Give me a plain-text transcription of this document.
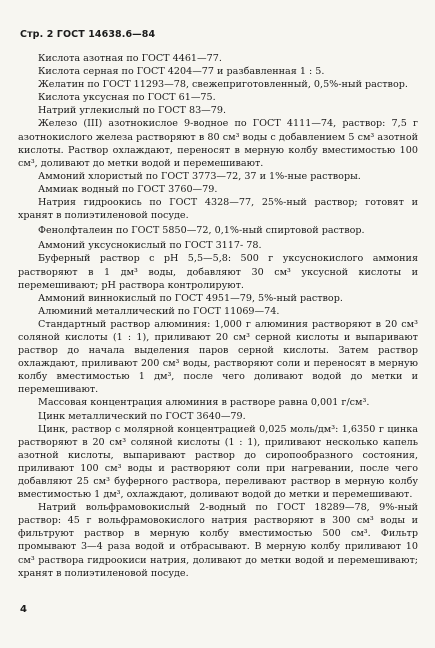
Стр. 2 ГОСТ 14638.6—84

Кислота азотная по ГОСТ 4461—77.

Кислота серная по ГОСТ 4204—77 и разбавленная 1 : 5.

Желатин по ГОСТ 11293—78, свежеприготовленный, 0,5%-ный раствор.

Кислота уксусная по ГОСТ 61—75.

Натрий углекислый по ГОСТ 83—79.

Железо (III) азотнокислое 9-водное по ГОСТ 4111—74, раствор: 7,5 г азотнокислого железа растворяют в 80 см³ воды с добавлением 5 см³ азотной кислоты. Раствор охлаждают, переносят в мерную колбу вместимостью 100 см³, доливают до метки водой и перемешивают.

Аммоний хлористый по ГОСТ 3773—72, 37 и 1%-ные растворы.

Аммиак водный по ГОСТ 3760—79.

Натрия гидроокись по ГОСТ 4328—77, 25%-ный раствор; готовят и хранят в полиэтиленовой посуде.

Фенолфталеин по ГОСТ 5850—72, 0,1%-ный спиртовой раствор.

Аммоний уксуснокислый по ГОСТ 3117- 78.

Буферный раствор с рН 5,5—5,8: 500 г уксуснокислого аммония растворяют в 1 дм³ воды, добавляют 30 см³ уксусной кислоты и перемешивают; рН раствора контролируют.

Аммоний виннокислый по ГОСТ 4951—79, 5%-ный раствор.

Алюминий металлический по ГОСТ 11069—74.

Стандартный раствор алюминия: 1,000 г алюминия растворяют в 20 см³ соляной кислоты (1 : 1), приливают 20 см³ серной кислоты и выпаривают раствор до начала выделения паров серной кислоты. Затем раствор охлаждают, приливают 200 см³ воды, растворяют соли и переносят в мерную колбу вместимостью 1 дм³, после чего доливают водой до метки и перемешивают.

Массовая концентрация алюминия в растворе равна 0,001 г/см³.

Цинк металлический по ГОСТ 3640—79.

Цинк, раствор с молярной концентрацией 0,025 моль/дм³: 1,6350 г цинка растворяют в 20 см³ соляной кислоты (1 : 1), приливают несколько капель азотной кислоты, выпаривают раствор до сиропообразного состояния, приливают 100 см³ воды и растворяют соли при нагревании, после чего добавляют 25 см³ буферного раствора, переливают раствор в мерную колбу вместимостью 1 дм³, охлаждают, доливают водой до метки и перемешивают.

Натрий вольфрамовокислый 2-водный по ГОСТ 18289—78, 9%-ный раствор: 45 г вольфрамовокислого натрия растворяют в 300 см³ воды и фильтруют раствор в мерную колбу вместимостью 500 см³. Фильтр промывают 3—4 раза водой и отбрасывают. В мерную колбу приливают 10 см³ раствора гидроокиси натрия, доливают до метки водой и перемешивают; хранят в полиэтиленовой посуде.

4
